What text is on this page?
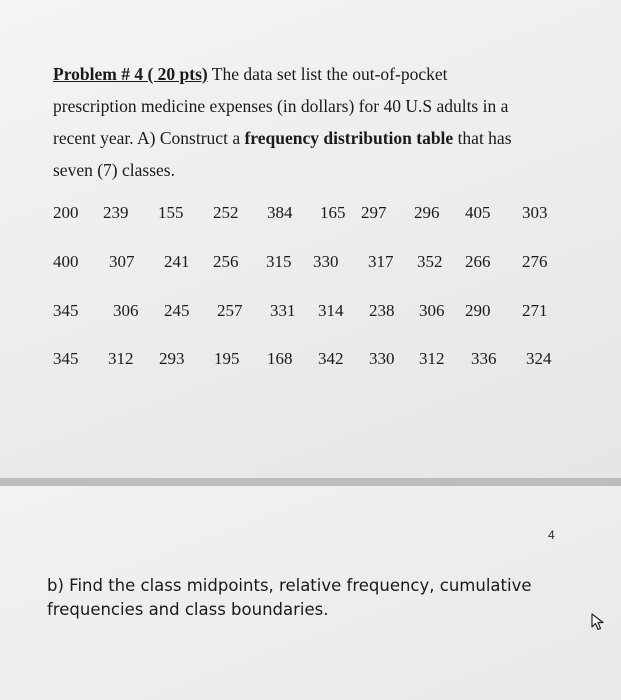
Problem # 4 ( 20 pts) The data set list the out-of-pocket
prescription medicine expenses (in dollars) for 40 U.S adults in a
recent year. A) Construct a frequency distribution table that has
seven (7) classes.
200 239 155 252 384 165 297 296 405 303
400 307 241 256 315 330 317 352 266 276
345 306 245 257 331 314 238 306 290 271
345 312 293 195 168 342 330 312 336 324
4
b) Find the class midpoints, relative frequency, cumulative
frequencies and class boundaries.
